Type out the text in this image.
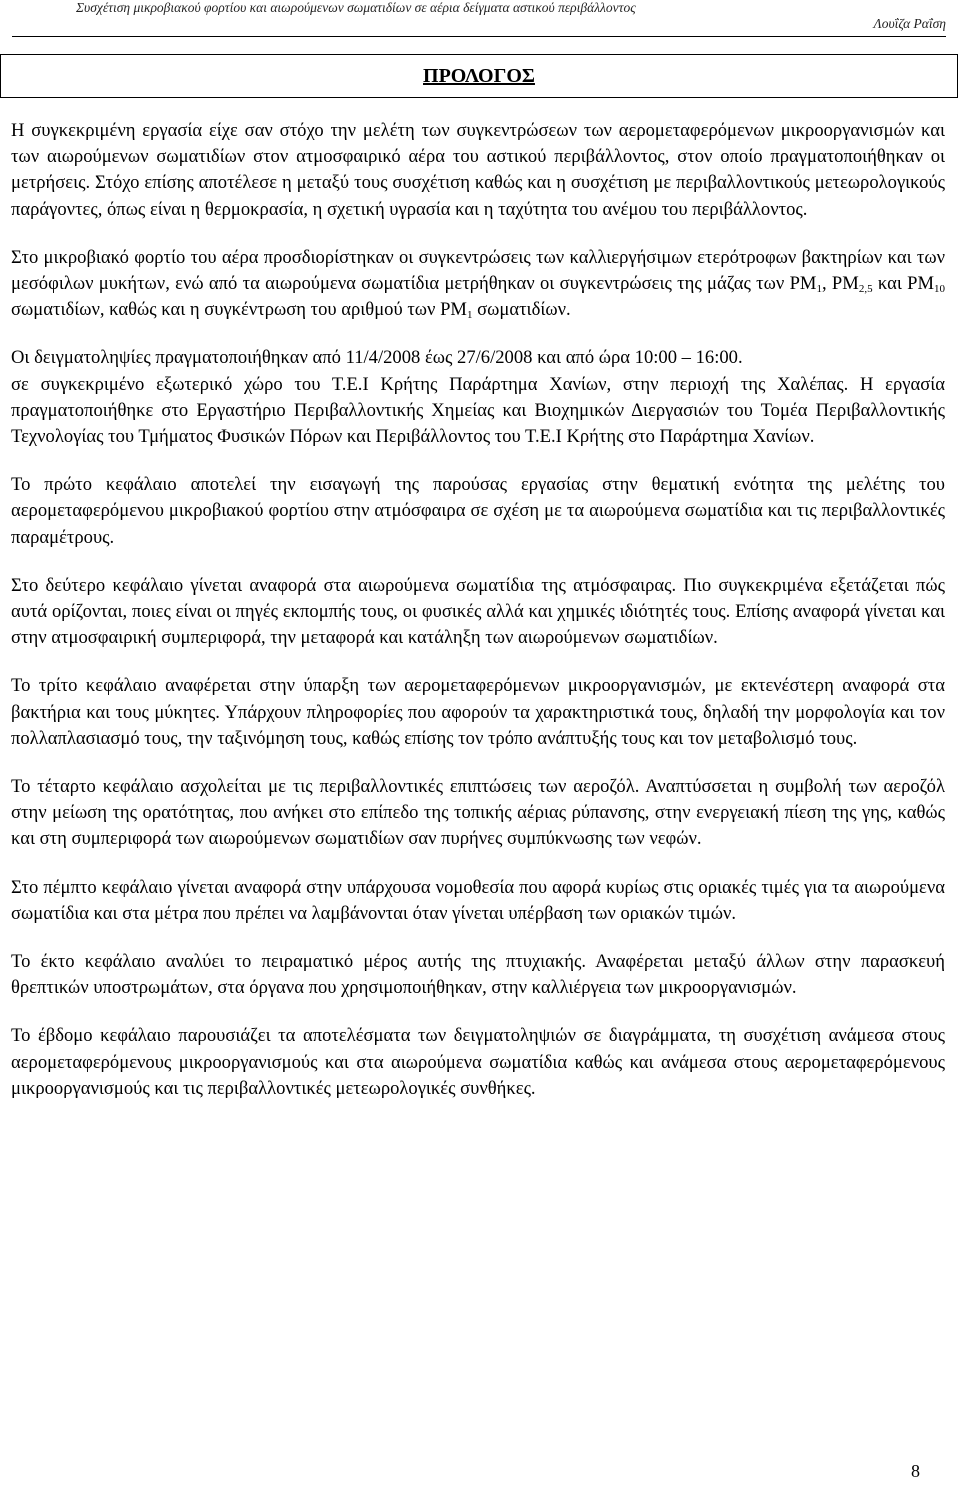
Συσχέτιση μικροβιακού φορτίου και αιωρούμενων σωματιδίων σε αέρια δείγματα αστικού περιβάλλοντος
Λουΐζα Ραΐση
ΠΡΟΛΟΓΟΣ

Η συγκεκριμένη εργασία είχε σαν στόχο την μελέτη των συγκεντρώσεων των αερομεταφερόμενων μικροοργανισμών και των αιωρούμενων σωματιδίων στον ατμοσφαιρικό αέρα του αστικού περιβάλλοντος, στον οποίο πραγματοποιήθηκαν οι μετρήσεις. Στόχο επίσης αποτέλεσε η μεταξύ τους συσχέτιση καθώς και η συσχέτιση με περιβαλλοντικούς μετεωρολογικούς παράγοντες, όπως είναι η θερμοκρασία, η σχετική υγρασία και η ταχύτητα του ανέμου του περιβάλλοντος.

Στο μικροβιακό φορτίο του αέρα προσδιορίστηκαν οι συγκεντρώσεις των καλλιεργήσιμων ετερότροφων βακτηρίων και των μεσόφιλων μυκήτων, ενώ από τα αιωρούμενα σωματίδια μετρήθηκαν οι συγκεντρώσεις της μάζας των $PM_1$, $PM_{2,5}$ και $PM_{10}$ σωματιδίων, καθώς και η συγκέντρωση του αριθμού των $PM_1$ σωματιδίων.

Οι δειγματοληψίες πραγματοποιήθηκαν από 11/4/2008 έως 27/6/2008 και από ώρα 10:00 – 16:00.

σε συγκεκριμένο εξωτερικό χώρο του Τ.Ε.Ι Κρήτης Παράρτημα Χανίων, στην περιοχή της Χαλέπας. Η εργασία πραγματοποιήθηκε στο Εργαστήριο Περιβαλλοντικής Χημείας και Βιοχημικών Διεργασιών του Τομέα Περιβαλλοντικής Τεχνολογίας του Τμήματος Φυσικών Πόρων και Περιβάλλοντος του Τ.Ε.Ι Κρήτης στο Παράρτημα Χανίων.

Το πρώτο κεφάλαιο αποτελεί την εισαγωγή της παρούσας εργασίας στην θεματική ενότητα της μελέτης του αερομεταφερόμενου μικροβιακού φορτίου στην ατμόσφαιρα σε σχέση με τα αιωρούμενα σωματίδια και τις περιβαλλοντικές παραμέτρους.

Στο δεύτερο κεφάλαιο γίνεται αναφορά στα αιωρούμενα σωματίδια της ατμόσφαιρας. Πιο συγκεκριμένα εξετάζεται πώς αυτά ορίζονται, ποιες είναι οι πηγές εκπομπής τους, οι φυσικές αλλά και χημικές ιδιότητές τους. Επίσης αναφορά γίνεται και στην ατμοσφαιρική συμπεριφορά, την μεταφορά και κατάληξη των αιωρούμενων σωματιδίων.

Το τρίτο κεφάλαιο αναφέρεται στην ύπαρξη των αερομεταφερόμενων μικροοργανισμών, με εκτενέστερη αναφορά στα βακτήρια και τους μύκητες. Υπάρχουν πληροφορίες που αφορούν τα χαρακτηριστικά τους, δηλαδή την μορφολογία και τον πολλαπλασιασμό τους, την ταξινόμηση τους, καθώς επίσης τον τρόπο ανάπτυξής τους και τον μεταβολισμό τους.

Το τέταρτο κεφάλαιο ασχολείται με τις περιβαλλοντικές επιπτώσεις των αεροζόλ. Αναπτύσσεται η συμβολή των αεροζόλ στην μείωση της ορατότητας, που ανήκει στο επίπεδο της τοπικής αέριας ρύπανσης, στην ενεργειακή πίεση της γης, καθώς και στη συμπεριφορά των αιωρούμενων σωματιδίων σαν πυρήνες συμπύκνωσης των νεφών.

Στο πέμπτο κεφάλαιο γίνεται αναφορά στην υπάρχουσα νομοθεσία που αφορά κυρίως στις οριακές τιμές για τα αιωρούμενα σωματίδια και στα μέτρα που πρέπει να λαμβάνονται όταν γίνεται υπέρβαση των οριακών τιμών.

Το έκτο κεφάλαιο αναλύει το πειραματικό μέρος αυτής της πτυχιακής. Αναφέρεται μεταξύ άλλων στην παρασκευή θρεπτικών υποστρωμάτων, στα όργανα που χρησιμοποιήθηκαν, στην καλλιέργεια των μικροοργανισμών.

Το έβδομο κεφάλαιο παρουσιάζει τα αποτελέσματα των δειγματοληψιών σε διαγράμματα, τη συσχέτιση ανάμεσα στους αερομεταφερόμενους μικροοργανισμούς και στα αιωρούμενα σωματίδια καθώς και ανάμεσα στους αερομεταφερόμενους μικροοργανισμούς και τις περιβαλλοντικές μετεωρολογικές συνθήκες.

8
